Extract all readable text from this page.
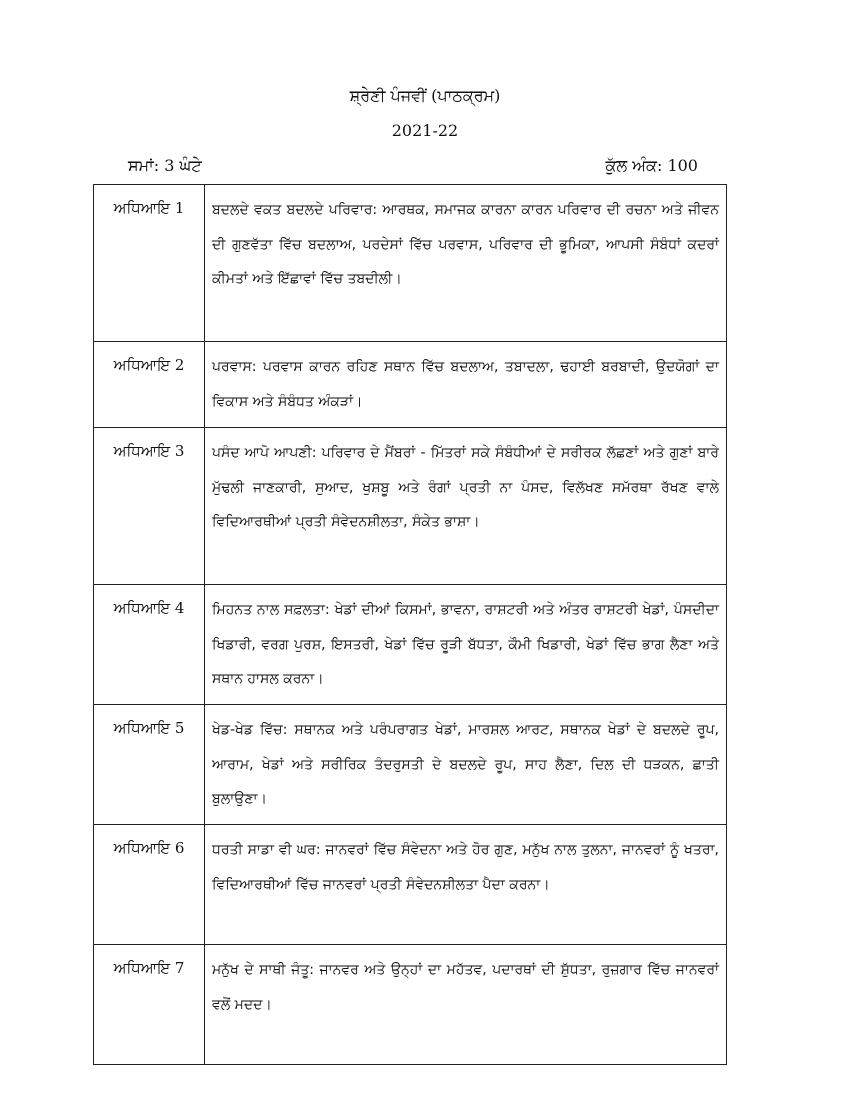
ਸ਼੍ਰੇਣੀ ਪੰਜਵੀਂ (ਪਾਠਕ੍ਰਮ)
2021-22
ਸਮਾਂ: 3 ਘੰਟੇ	ਕੁੱਲ ਅੰਕ: 100
ਅਧਿਆਇ 1	ਬਦਲਦੇ ਵਕਤ ਬਦਲਦੇ ਪਰਿਵਾਰ: ਆਰਥਕ, ਸਮਾਜਕ ਕਾਰਨਾ ਕਾਰਨ ਪਰਿਵਾਰ ਦੀ ਰਚਨਾ ਅਤੇ ਜੀਵਨ ਦੀ ਗੁਣਵੱਤਾ ਵਿੱਚ ਬਦਲਾਅ, ਪਰਦੇਸਾਂ ਵਿੱਚ ਪਰਵਾਸ, ਪਰਿਵਾਰ ਦੀ ਭੂਮਿਕਾ, ਆਪਸੀ ਸੰਬੰਧਾਂ ਕਦਰਾਂ ਕੀਮਤਾਂ ਅਤੇ ਇੱਛਾਵਾਂ ਵਿੱਚ ਤਬਦੀਲੀ।
ਅਧਿਆਇ 2	ਪਰਵਾਸ: ਪਰਵਾਸ ਕਾਰਨ ਰਹਿਣ ਸਥਾਨ ਵਿੱਚ ਬਦਲਾਅ, ਤਬਾਦਲਾ, ਢਹਾਈ ਬਰਬਾਦੀ, ਉਦਯੋਗਾਂ ਦਾ ਵਿਕਾਸ ਅਤੇ ਸੰਬੰਧਤ ਅੰਕੜਾਂ।
ਅਧਿਆਇ 3	ਪਸੰਦ ਆਪੋ ਆਪਣੀ: ਪਰਿਵਾਰ ਦੇ ਮੈਂਬਰਾਂ - ਮਿੱਤਰਾਂ ਸਕੇ ਸੰਬੰਧੀਆਂ ਦੇ ਸਰੀਰਕ ਲੱਛਣਾਂ ਅਤੇ ਗੁਣਾਂ ਬਾਰੇ ਮੁੱਢਲੀ ਜਾਣਕਾਰੀ, ਸੁਆਦ, ਖੁਸ਼ਬੂ ਅਤੇ ਰੰਗਾਂ ਪ੍ਰਤੀ ਨਾ ਪੰਸਦ, ਵਿਲੱਖਣ ਸਮੱਰਥਾ ਰੱਖਣ ਵਾਲੇ ਵਿਦਿਆਰਥੀਆਂ ਪ੍ਰਤੀ ਸੰਵੇਦਨਸ਼ੀਲਤਾ, ਸੰਕੇਤ ਭਾਸ਼ਾ।
ਅਧਿਆਇ 4	ਮਿਹਨਤ ਨਾਲ ਸਫ਼ਲਤਾ: ਖੇਡਾਂ ਦੀਆਂ ਕਿਸਮਾਂ, ਭਾਵਨਾ, ਰਾਸ਼ਟਰੀ ਅਤੇ ਅੰਤਰ ਰਾਸ਼ਟਰੀ ਖੇਡਾਂ, ਪੰਸਦੀਦਾ ਖਿਡਾਰੀ, ਵਰਗ ਪੁਰਸ਼, ਇਸਤਰੀ, ਖੇਡਾਂ ਵਿੱਚ ਰੂੜੀ ਬੱਧਤਾ, ਕੌਮੀ ਖਿਡਾਰੀ, ਖੇਡਾਂ ਵਿੱਚ ਭਾਗ ਲੈਣਾ ਅਤੇ ਸਥਾਨ ਹਾਸਲ ਕਰਨਾ।
ਅਧਿਆਇ 5	ਖੇਡ-ਖੇਡ ਵਿੱਚ: ਸਥਾਨਕ ਅਤੇ ਪਰੰਪਰਾਗਤ ਖੇਡਾਂ, ਮਾਰਸ਼ਲ ਆਰਟ, ਸਥਾਨਕ ਖੇਡਾਂ ਦੇ ਬਦਲਦੇ ਰੂਪ, ਆਰਾਮ, ਖੇਡਾਂ ਅਤੇ ਸਰੀਰਿਕ ਤੰਦਰੁਸਤੀ ਦੇ ਬਦਲਦੇ ਰੂਪ, ਸਾਹ ਲੈਣਾ, ਦਿਲ ਦੀ ਧੜਕਨ, ਛਾਤੀ ਬੁਲਾਉਣਾ।
ਅਧਿਆਇ 6	ਧਰਤੀ ਸਾਡਾ ਵੀ ਘਰ: ਜਾਨਵਰਾਂ ਵਿੱਚ ਸੰਵੇਦਨਾ ਅਤੇ ਹੋਰ ਗੁਣ, ਮਨੁੱਖ ਨਾਲ ਤੁਲਨਾ, ਜਾਨਵਰਾਂ ਨੂੰ ਖਤਰਾ, ਵਿਦਿਆਰਥੀਆਂ ਵਿੱਚ ਜਾਨਵਰਾਂ ਪ੍ਰਤੀ ਸੰਵੇਦਨਸ਼ੀਲਤਾ ਪੈਦਾ ਕਰਨਾ।
ਅਧਿਆਇ 7	ਮਨੁੱਖ ਦੇ ਸਾਥੀ ਜੰਤੂ: ਜਾਨਵਰ ਅਤੇ ਉਨ੍ਹਾਂ ਦਾ ਮਹੱਤਵ, ਪਦਾਰਥਾਂ ਦੀ ਸ਼ੁੱਧਤਾ, ਰੁਜ਼ਗਾਰ ਵਿੱਚ ਜਾਨਵਰਾਂ ਵਲੋਂ ਮਦਦ।
